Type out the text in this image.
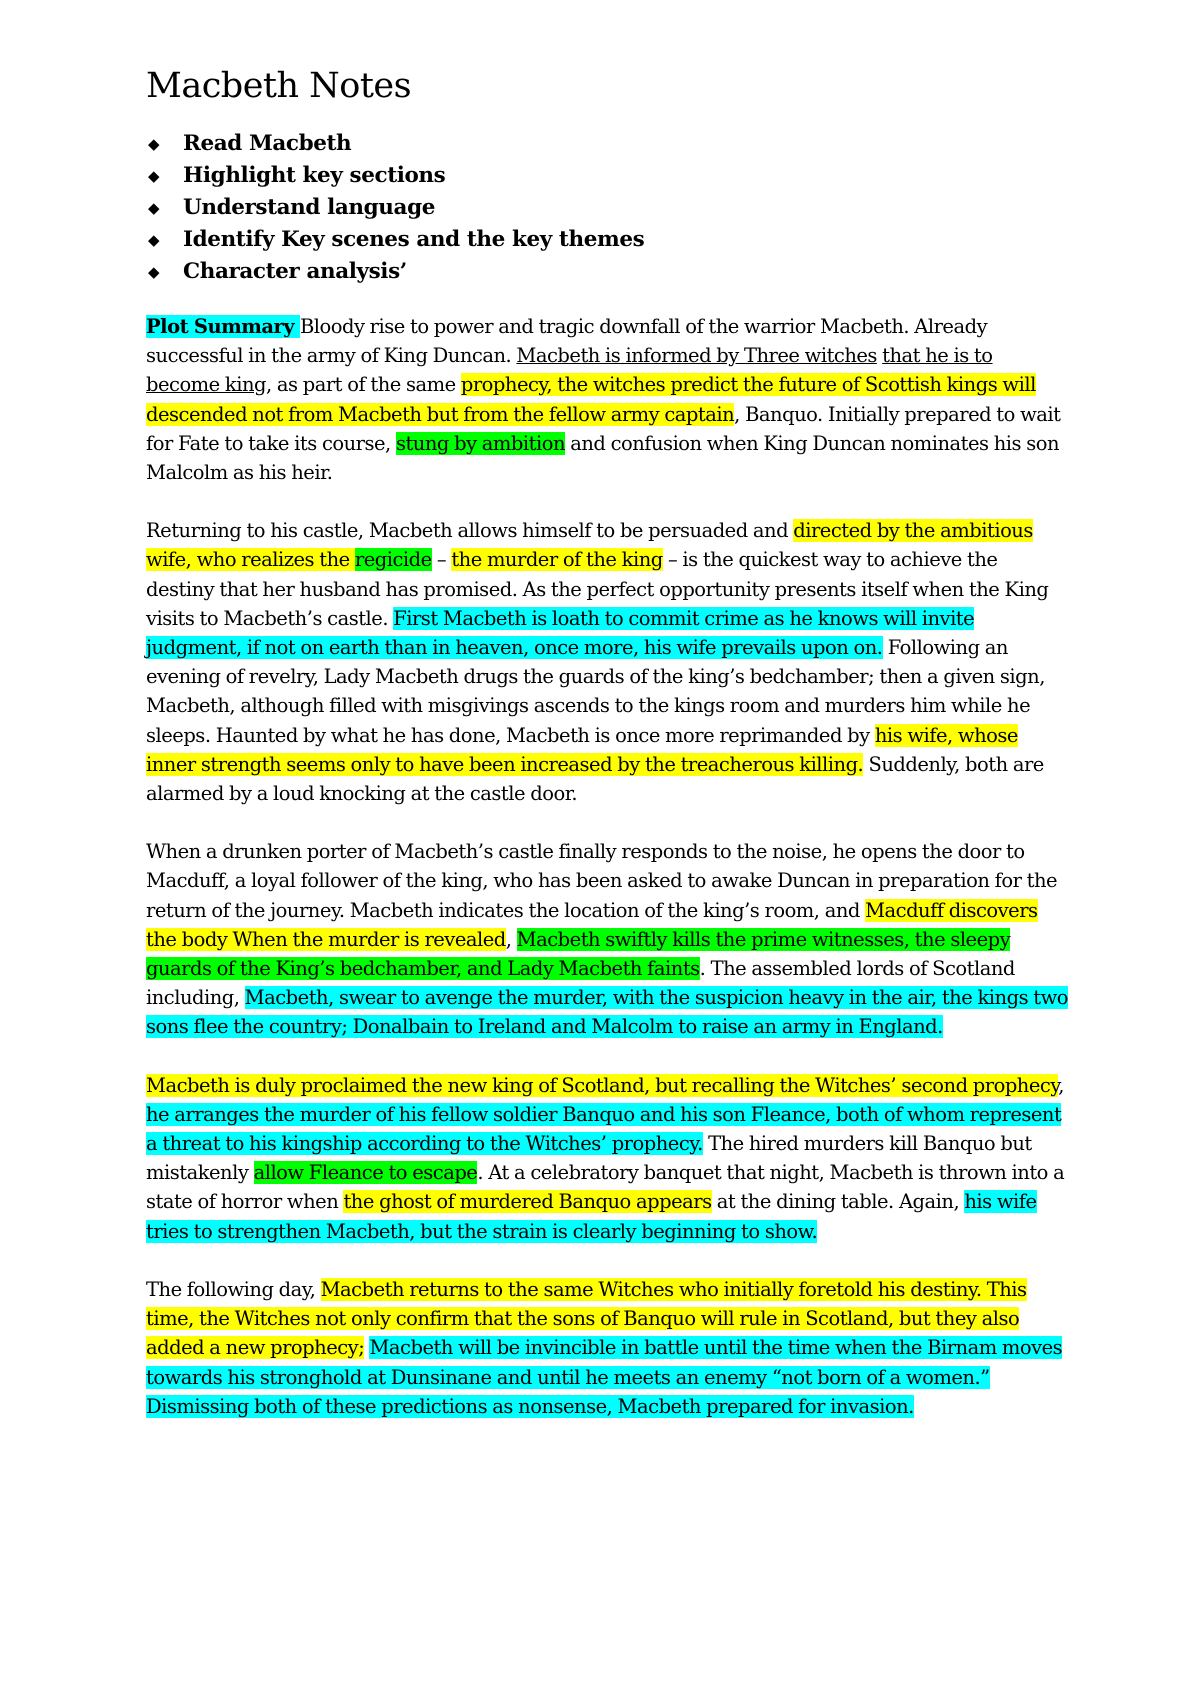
Macbeth Notes
◆ Read Macbeth
◆ Highlight key sections
◆ Understand language
◆ Identify Key scenes and the key themes
◆ Character analysis’

Plot Summary Bloody rise to power and tragic downfall of the warrior Macbeth. Already successful in the army of King Duncan. Macbeth is informed by Three witches that he is to become king, as part of the same prophecy, the witches predict the future of Scottish kings will descended not from Macbeth but from the fellow army captain, Banquo. Initially prepared to wait for Fate to take its course, stung by ambition and confusion when King Duncan nominates his son Malcolm as his heir.

Returning to his castle, Macbeth allows himself to be persuaded and directed by the ambitious wife, who realizes the regicide – the murder of the king – is the quickest way to achieve the destiny that her husband has promised. As the perfect opportunity presents itself when the King visits to Macbeth’s castle. First Macbeth is loath to commit crime as he knows will invite judgment, if not on earth than in heaven, once more, his wife prevails upon on. Following an evening of revelry, Lady Macbeth drugs the guards of the king’s bedchamber; then a given sign, Macbeth, although filled with misgivings ascends to the kings room and murders him while he sleeps. Haunted by what he has done, Macbeth is once more reprimanded by his wife, whose inner strength seems only to have been increased by the treacherous killing. Suddenly, both are alarmed by a loud knocking at the castle door.

When a drunken porter of Macbeth’s castle finally responds to the noise, he opens the door to Macduff, a loyal follower of the king, who has been asked to awake Duncan in preparation for the return of the journey. Macbeth indicates the location of the king’s room, and Macduff discovers the body When the murder is revealed, Macbeth swiftly kills the prime witnesses, the sleepy guards of the King’s bedchamber, and Lady Macbeth faints. The assembled lords of Scotland including, Macbeth, swear to avenge the murder, with the suspicion heavy in the air, the kings two sons flee the country; Donalbain to Ireland and Malcolm to raise an army in England.

Macbeth is duly proclaimed the new king of Scotland, but recalling the Witches’ second prophecy, he arranges the murder of his fellow soldier Banquo and his son Fleance, both of whom represent a threat to his kingship according to the Witches’ prophecy. The hired murders kill Banquo but mistakenly allow Fleance to escape. At a celebratory banquet that night, Macbeth is thrown into a state of horror when the ghost of murdered Banquo appears at the dining table. Again, his wife tries to strengthen Macbeth, but the strain is clearly beginning to show.

The following day, Macbeth returns to the same Witches who initially foretold his destiny. This time, the Witches not only confirm that the sons of Banquo will rule in Scotland, but they also added a new prophecy; Macbeth will be invincible in battle until the time when the Birnam moves towards his stronghold at Dunsinane and until he meets an enemy “not born of a women.” Dismissing both of these predictions as nonsense, Macbeth prepared for invasion.
